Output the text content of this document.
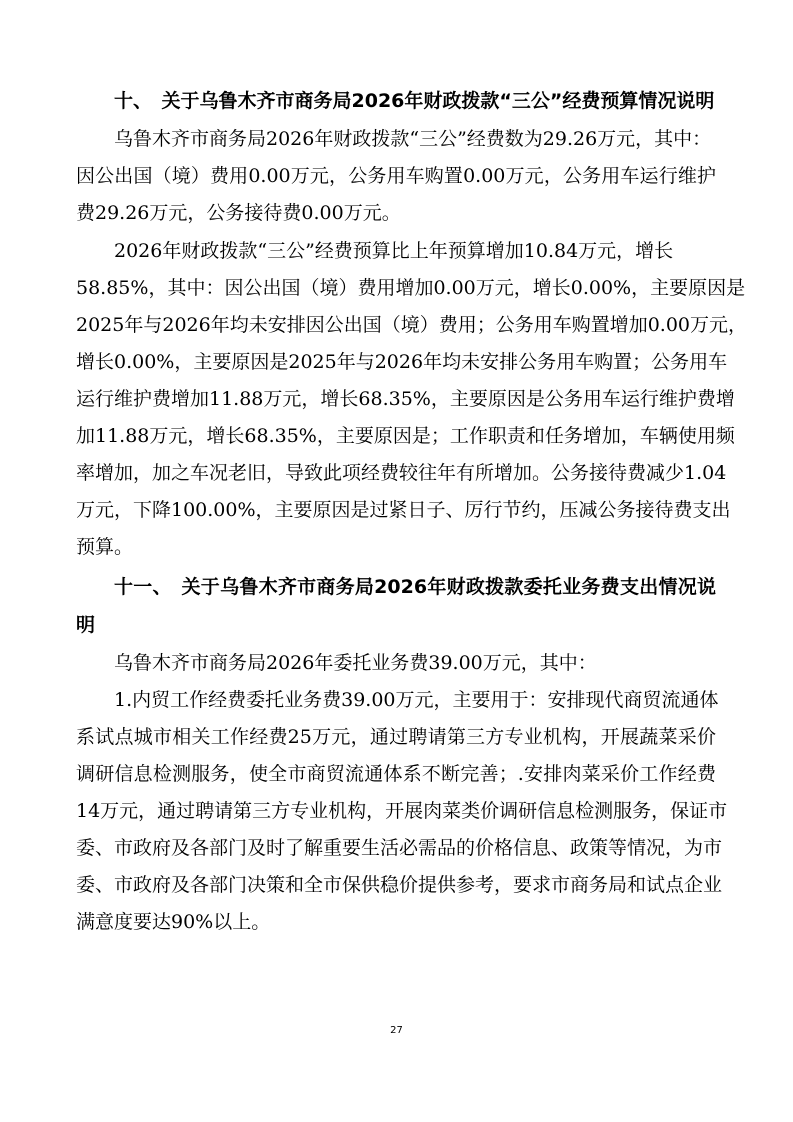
十、　关于乌鲁木齐市商务局2026年财政拨款“三公”经费预算情况说明
乌鲁木齐市商务局2026年财政拨款“三公”经费数为29.26万元，其中：
因公出国（境）费用0.00万元，公务用车购置0.00万元，公务用车运行维护
费29.26万元，公务接待费0.00万元。
2026年财政拨款“三公”经费预算比上年预算增加10.84万元，增长
58.85%，其中：因公出国（境）费用增加0.00万元，增长0.00%，主要原因是
2025年与2026年均未安排因公出国（境）费用；公务用车购置增加0.00万元，
增长0.00%，主要原因是2025年与2026年均未安排公务用车购置；公务用车
运行维护费增加11.88万元，增长68.35%，主要原因是公务用车运行维护费增
加11.88万元，增长68.35%，主要原因是；工作职责和任务增加，车辆使用频
率增加，加之车况老旧，导致此项经费较往年有所增加。公务接待费减少1.04
万元，下降100.00%，主要原因是过紧日子、厉行节约，压减公务接待费支出
预算。
十一、　关于乌鲁木齐市商务局2026年财政拨款委托业务费支出情况说
明
乌鲁木齐市商务局2026年委托业务费39.00万元，其中：
1.内贸工作经费委托业务费39.00万元，主要用于：安排现代商贸流通体
系试点城市相关工作经费25万元，通过聘请第三方专业机构，开展蔬菜采价
调研信息检测服务，使全市商贸流通体系不断完善；.安排肉菜采价工作经费
14万元，通过聘请第三方专业机构，开展肉菜类价调研信息检测服务，保证市
委、市政府及各部门及时了解重要生活必需品的价格信息、政策等情况，为市
委、市政府及各部门决策和全市保供稳价提供参考，要求市商务局和试点企业
满意度要达90%以上。
27
